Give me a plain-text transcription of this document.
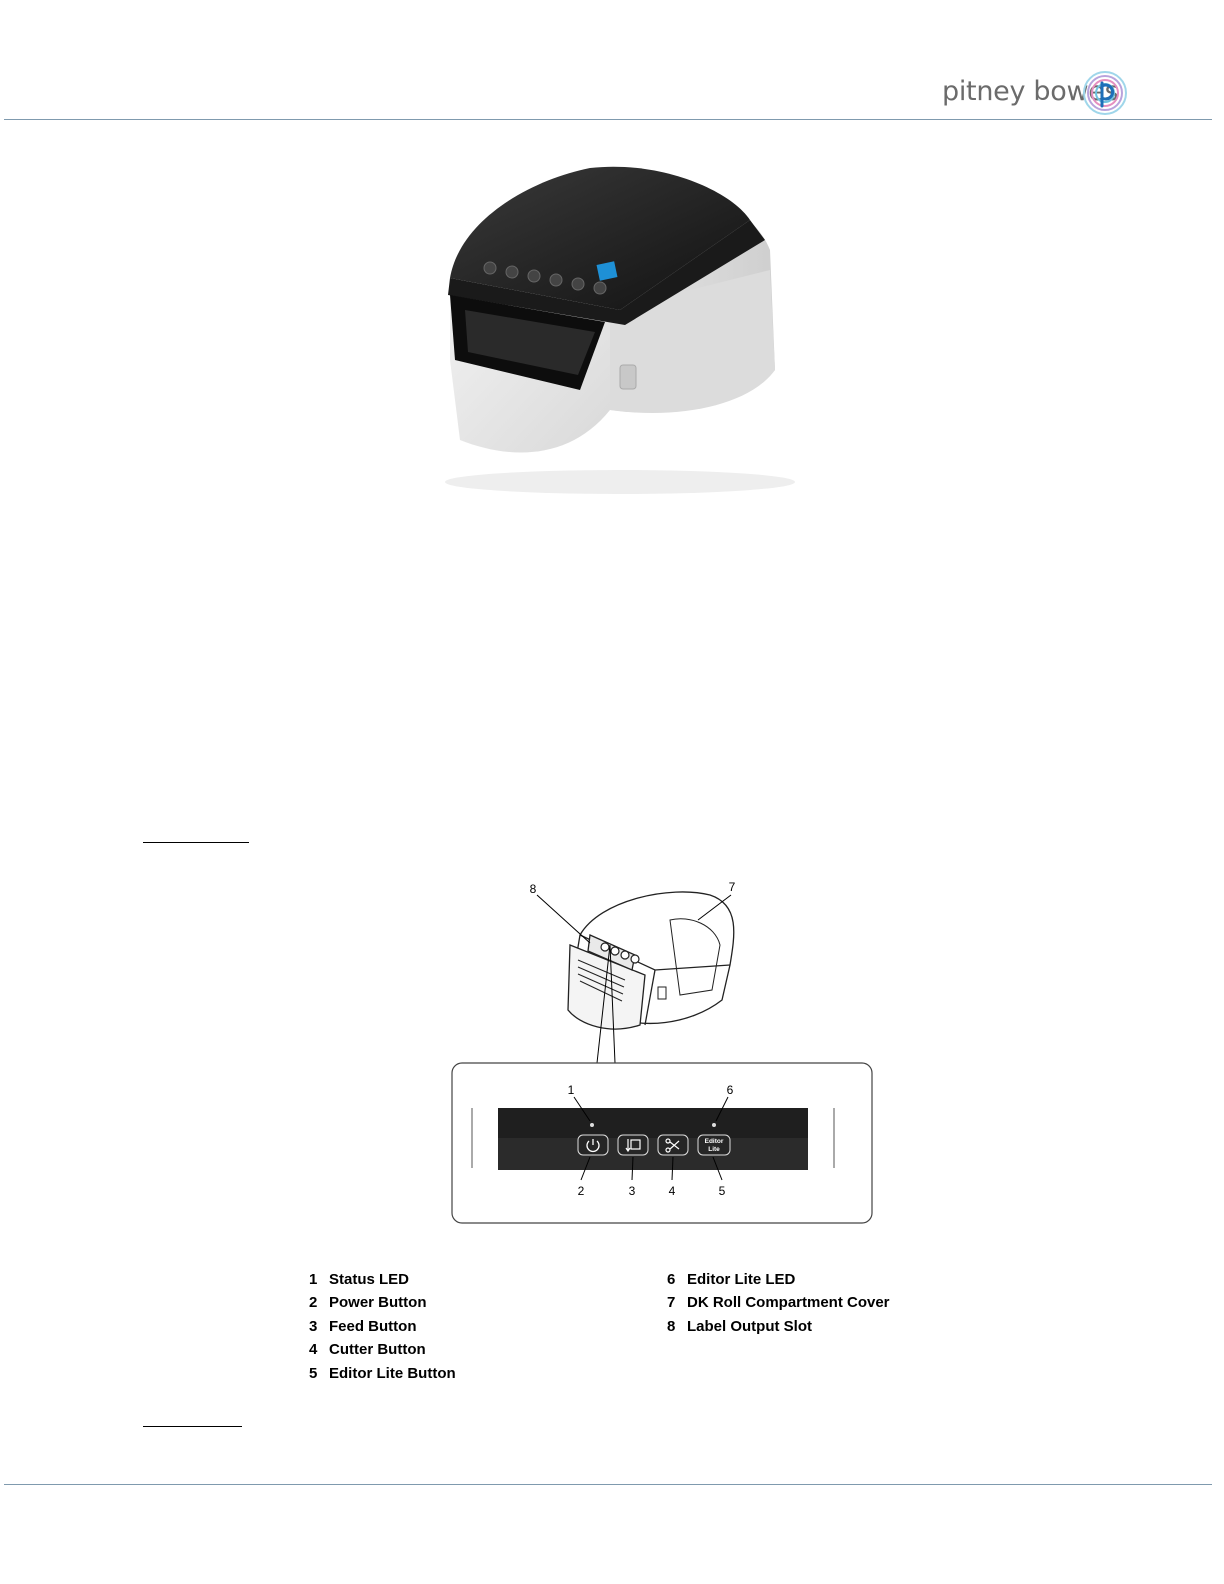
pitney bowes
8	7
Editor
Lite
1	6
2	3	4	5
1 Status LED
2 Power Button
3 Feed Button
4 Cutter Button
5 Editor Lite Button
6 Editor Lite LED
7 DK Roll Compartment Cover
8 Label Output Slot
